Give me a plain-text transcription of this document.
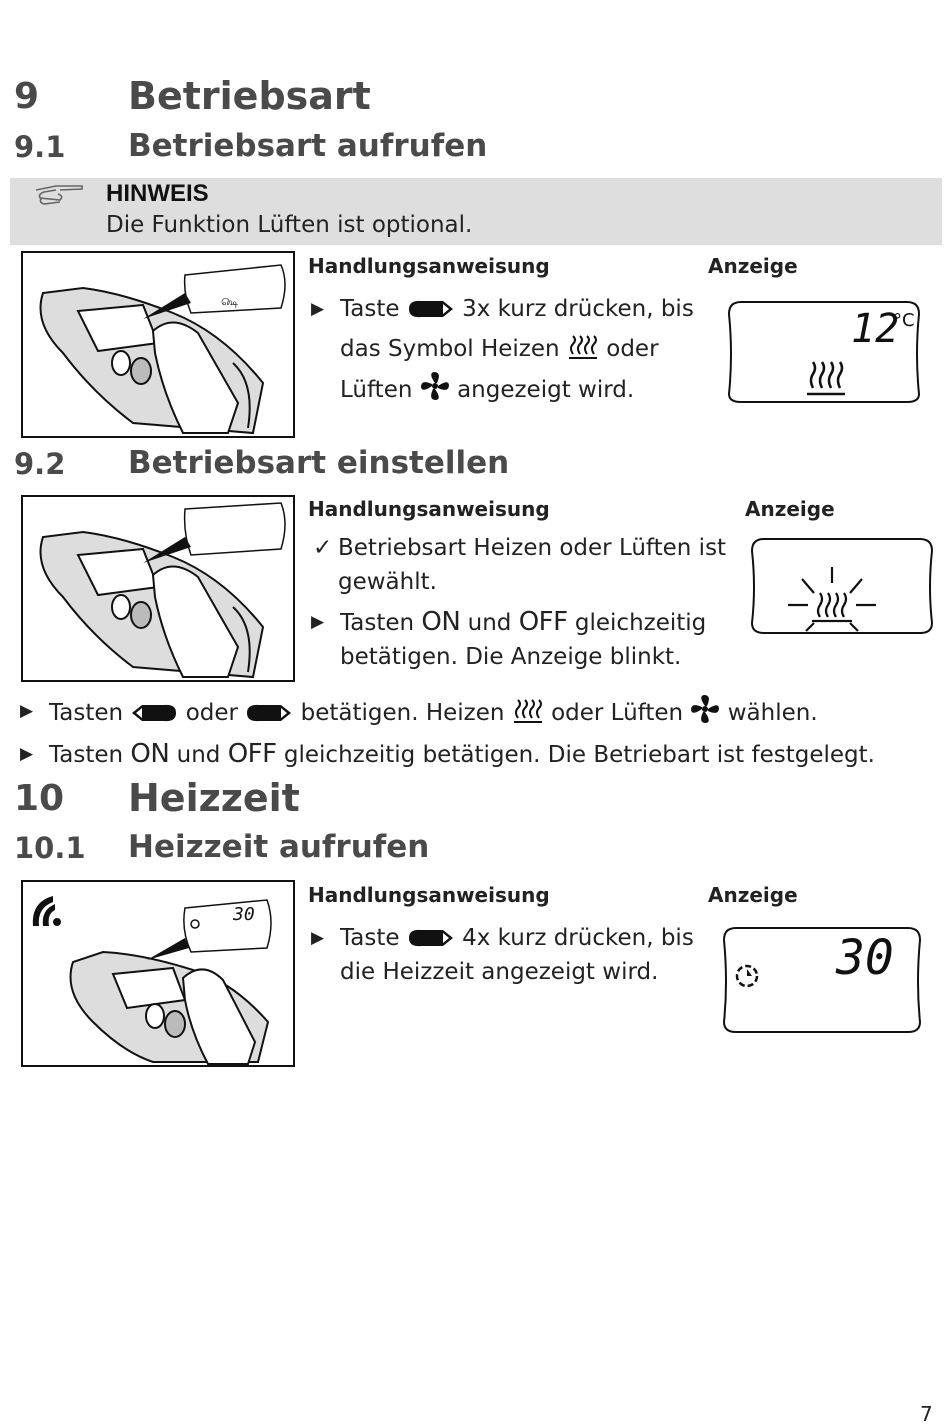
9 Betriebsart
9.1 Betriebsart aufrufen
HINWEIS
Die Funktion Lüften ist optional.
௸
Handlungsanweisung	Anzeige
▶ Taste	3x kurz drücken, bis
das Symbol Heizen oder
Lüften angezeigt wird.
12
°C
9.2 Betriebsart einstellen
Handlungsanweisung	Anzeige
✓ Betriebsart Heizen oder Lüften ist
gewählt.
▶ Tasten ON und OFF gleichzeitig
betätigen. Die Anzeige blinkt.
▶ Tasten	oder	betätigen. Heizen oder Lüften wählen.
▶ Tasten ON und OFF gleichzeitig betätigen. Die Betriebart ist festgelegt.
10 Heizzeit
10.1 Heizzeit aufrufen
30
Handlungsanweisung	Anzeige
▶ Taste	4x kurz drücken, bis
die Heizzeit angezeigt wird.	30
7
